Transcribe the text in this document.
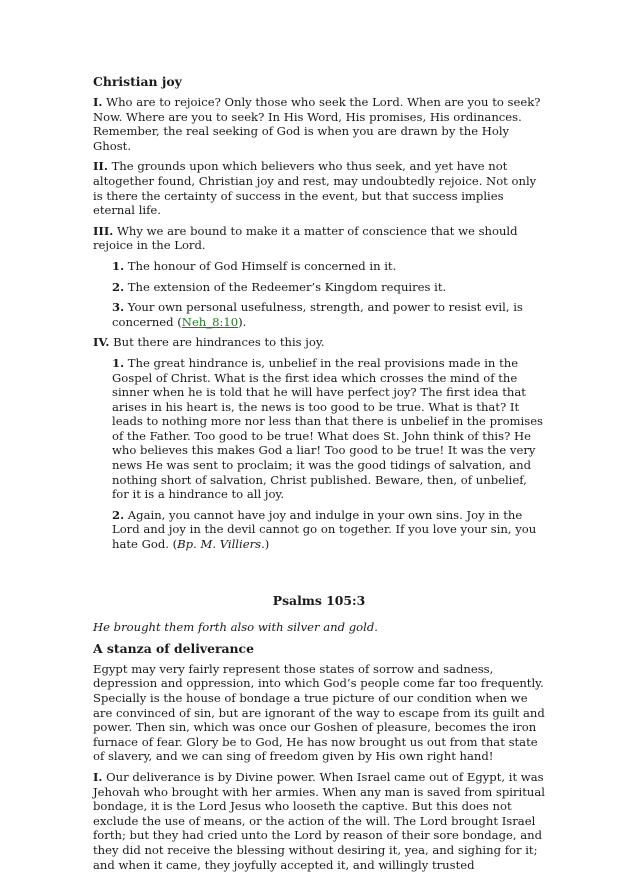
Christian joy

I. Who are to rejoice? Only those who seek the Lord. When are you to seek? Now. Where are you to seek? In His Word, His promises, His ordinances. Remember, the real seeking of God is when you are drawn by the Holy Ghost.

II. The grounds upon which believers who thus seek, and yet have not altogether found, Christian joy and rest, may undoubtedly rejoice. Not only is there the certainty of success in the event, but that success implies eternal life.

III. Why we are bound to make it a matter of conscience that we should rejoice in the Lord.

1. The honour of God Himself is concerned in it.

2. The extension of the Redeemer’s Kingdom requires it.

3. Your own personal usefulness, strength, and power to resist evil, is concerned (Neh_8:10).

IV. But there are hindrances to this joy.

1. The great hindrance is, unbelief in the real provisions made in the Gospel of Christ. What is the first idea which crosses the mind of the sinner when he is told that he will have perfect joy? The first idea that arises in his heart is, the news is too good to be true. What is that? It leads to nothing more nor less than that there is unbelief in the promises of the Father. Too good to be true! What does St. John think of this? He who believes this makes God a liar! Too good to be true! It was the very news He was sent to proclaim; it was the good tidings of salvation, and nothing short of salvation, Christ published. Beware, then, of unbelief, for it is a hindrance to all joy.

2. Again, you cannot have joy and indulge in your own sins. Joy in the Lord and joy in the devil cannot go on together. If you love your sin, you hate God. (Bp. M. Villiers.)

Psalms 105:3

He brought them forth also with silver and gold.

A stanza of deliverance

Egypt may very fairly represent those states of sorrow and sadness, depression and oppression, into which God’s people come far too frequently. Specially is the house of bondage a true picture of our condition when we are convinced of sin, but are ignorant of the way to escape from its guilt and power. Then sin, which was once our Goshen of pleasure, becomes the iron furnace of fear. Glory be to God, He has now brought us out from that state of slavery, and we can sing of freedom given by His own right hand!

I. Our deliverance is by Divine power. When Israel came out of Egypt, it was Jehovah who brought with her armies. When any man is saved from spiritual bondage, it is the Lord Jesus who looseth the captive. But this does not exclude the use of means, or the action of the will. The Lord brought Israel forth; but they had cried unto the Lord by reason of their sore bondage, and they did not receive the blessing without desiring it, yea, and sighing for it; and when it came, they joyfully accepted it, and willingly trusted
